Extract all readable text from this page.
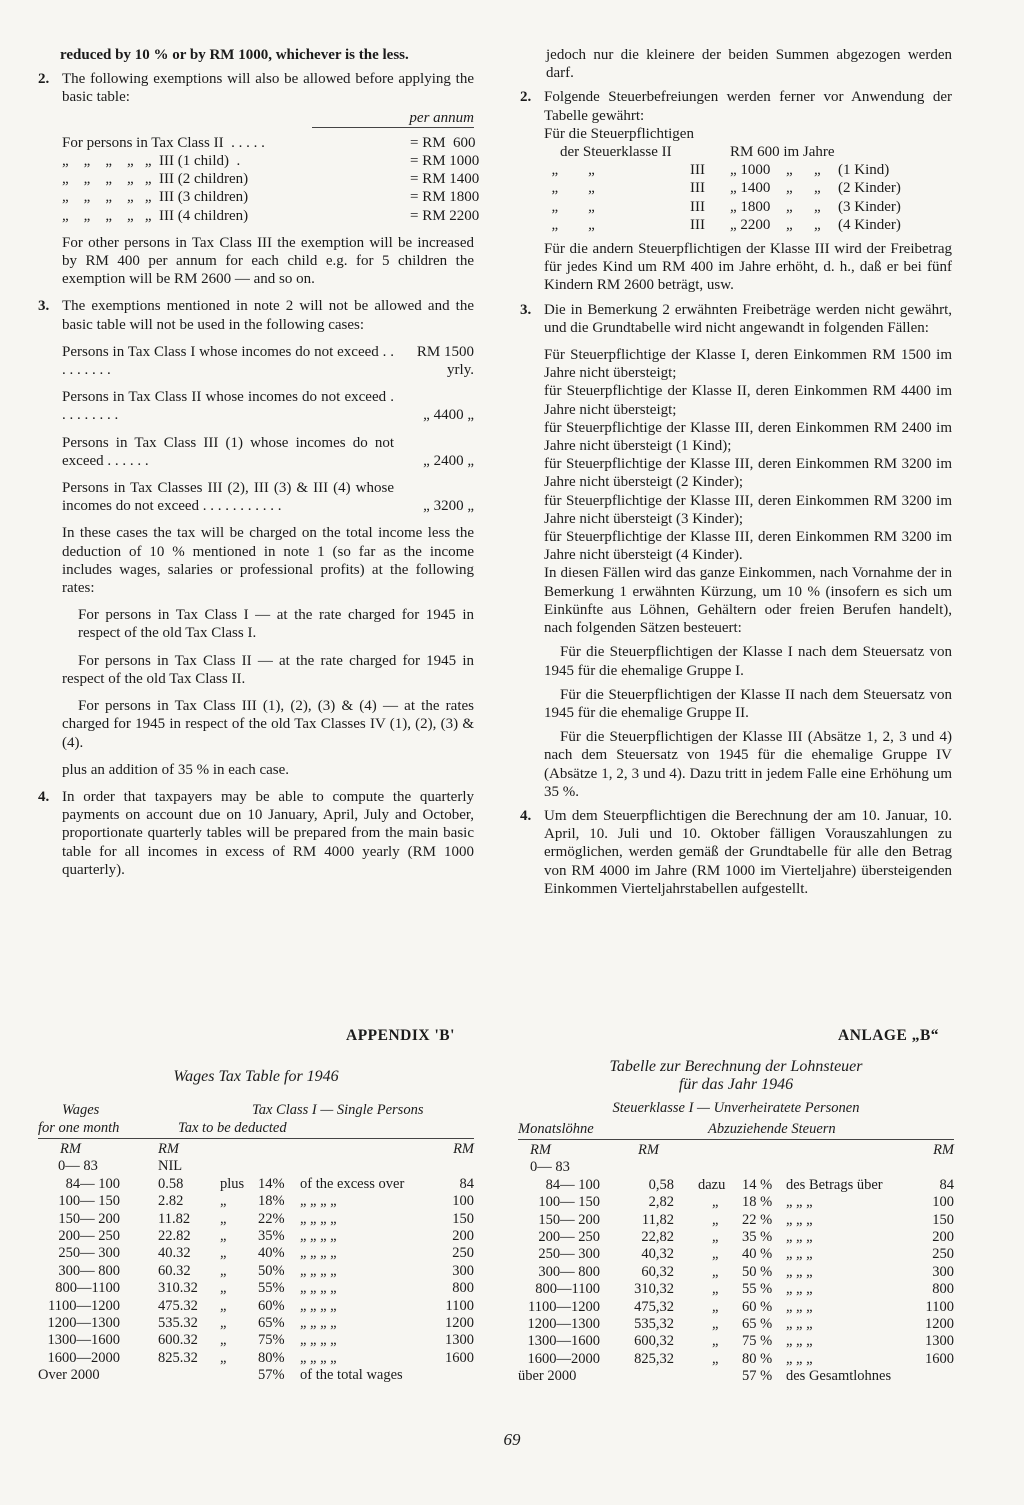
reduced by 10 % or by RM 1000, whichever is the less.

2. The following exemptions will also be allowed before applying the basic table:

per annum

For persons in Tax Class II  . . . . .	= RM  600
„    „    „    „   „  III (1 child)  .	= RM 1000
„    „    „    „   „  III (2 children)	= RM 1400
„    „    „    „   „  III (3 children)	= RM 1800
„    „    „    „   „  III (4 children)	= RM 2200

For other persons in Tax Class III the exemption will be increased by RM 400 per annum for each child e.g. for 5 children the exemption will be RM 2600 — and so on.

3. The exemptions mentioned in note 2 will not be allowed and the basic table will not be used in the following cases:

Persons in Tax Class I whose incomes do not exceed . . . . . . . . .
RM 1500 yrly.
Persons in Tax Class II whose incomes do not exceed . . . . . . . . .	„ 4400 „
Persons in Tax Class III (1) whose incomes do not exceed . . . . . .	„ 2400 „
Persons in Tax Classes III (2), III (3) & III (4) whose incomes do not exceed . . . . . . . . . . .	„ 3200 „

In these cases the tax will be charged on the total income less the deduction of 10 % mentioned in note 1 (so far as the income includes wages, salaries or professional profits) at the following rates:

For persons in Tax Class I — at the rate charged for 1945 in respect of the old Tax Class I.

For persons in Tax Class II — at the rate charged for 1945 in respect of the old Tax Class II.

For persons in Tax Class III (1), (2), (3) & (4) — at the rates charged for 1945 in respect of the old Tax Classes IV (1), (2), (3) & (4).

plus an addition of 35 % in each case.

4. In order that taxpayers may be able to compute the quarterly payments on account due on 10 January, April, July and October, proportionate quarterly tables will be prepared from the main basic table for all incomes in excess of RM 4000 yearly (RM 1000 quarterly).

jedoch nur die kleinere der beiden Summen abgezogen werden darf.

2. Folgende Steuerbefreiungen werden ferner vor Anwendung der Tabelle gewährt:

Für die Steuerpflichtigen

der Steuerklasse II	RM 600 im Jahre

„        „	III	„ 1000	„	„	(1 Kind)
„        „	III	„ 1400	„	„	(2 Kinder)
„        „	III	„ 1800	„	„	(3 Kinder)
„        „	III	„ 2200	„	„	(4 Kinder)

Für die andern Steuerpflichtigen der Klasse III wird der Freibetrag für jedes Kind um RM 400 im Jahre erhöht, d. h., daß er bei fünf Kindern RM 2600 beträgt, usw.

3. Die in Bemerkung 2 erwähnten Freibeträge werden nicht gewährt, und die Grundtabelle wird nicht angewandt in folgenden Fällen:

Für Steuerpflichtige der Klasse I, deren Einkommen RM 1500 im Jahre nicht übersteigt;

für Steuerpflichtige der Klasse II, deren Einkommen RM 4400 im Jahre nicht übersteigt;

für Steuerpflichtige der Klasse III, deren Einkommen RM 2400 im Jahre nicht übersteigt (1 Kind);

für Steuerpflichtige der Klasse III, deren Einkommen RM 3200 im Jahre nicht übersteigt (2 Kinder);

für Steuerpflichtige der Klasse III, deren Einkommen RM 3200 im Jahre nicht übersteigt (3 Kinder);

für Steuerpflichtige der Klasse III, deren Einkommen RM 3200 im Jahre nicht übersteigt (4 Kinder).

In diesen Fällen wird das ganze Einkommen, nach Vornahme der in Bemerkung 1 erwähnten Kürzung, um 10 % (insofern es sich um Einkünfte aus Löhnen, Gehältern oder freien Berufen handelt), nach folgenden Sätzen besteuert:

Für die Steuerpflichtigen der Klasse I nach dem Steuersatz von 1945 für die ehemalige Gruppe I.

Für die Steuerpflichtigen der Klasse II nach dem Steuersatz von 1945 für die ehemalige Gruppe II.

Für die Steuerpflichtigen der Klasse III (Absätze 1, 2, 3 und 4) nach dem Steuersatz von 1945 für die ehemalige Gruppe IV (Absätze 1, 2, 3 und 4). Dazu tritt in jedem Falle eine Erhöhung um 35 %.

4. Um dem Steuerpflichtigen die Berechnung der am 10. Januar, 10. April, 10. Juli und 10. Oktober fälligen Vorauszahlungen zu ermöglichen, werden gemäß der Grundtabelle für alle den Betrag von RM 4000 im Jahre (RM 1000 im Vierteljahre) übersteigenden Einkommen Vierteljahrstabellen aufgestellt.

APPENDIX 'B'	ANLAGE „B“
Wages Tax Table for 1946
Wages	Tax Class I — Single Persons
for one month	Tax to be deducted
RM	RM				RM
0— 83	NIL				
84— 100	0.58	plus	14%	of the excess over	84
100— 150	2.82	„	18%	„ „ „ „	100
150— 200	11.82	„	22%	„ „ „ „	150
200— 250	22.82	„	35%	„ „ „ „	200
250— 300	40.32	„	40%	„ „ „ „	250
300— 800	60.32	„	50%	„ „ „ „	300
800—1100	310.32	„	55%	„ „ „ „	800
1100—1200	475.32	„	60%	„ „ „ „	1100
1200—1300	535.32	„	65%	„ „ „ „	1200
1300—1600	600.32	„	75%	„ „ „ „	1300
1600—2000	825.32	„	80%	„ „ „ „	1600
Over 2000			57%	of the total wages	
Tabelle zur Berechnung der Lohnsteuer
für das Jahr 1946
Steuerklasse I — Unverheiratete Personen
Monatslöhne	Abzuziehende Steuern
RM	RM				RM
0— 83					
84— 100	0,58	dazu	14 %	des Betrags über	84
100— 150	2,82	„	18 %	„ „ „	100
150— 200	11,82	„	22 %	„ „ „	150
200— 250	22,82	„	35 %	„ „ „	200
250— 300	40,32	„	40 %	„ „ „	250
300— 800	60,32	„	50 %	„ „ „	300
800—1100	310,32	„	55 %	„ „ „	800
1100—1200	475,32	„	60 %	„ „ „	1100
1200—1300	535,32	„	65 %	„ „ „	1200
1300—1600	600,32	„	75 %	„ „ „	1300
1600—2000	825,32	„	80 %	„ „ „	1600
über 2000			57 %	des Gesamtlohnes	
69
